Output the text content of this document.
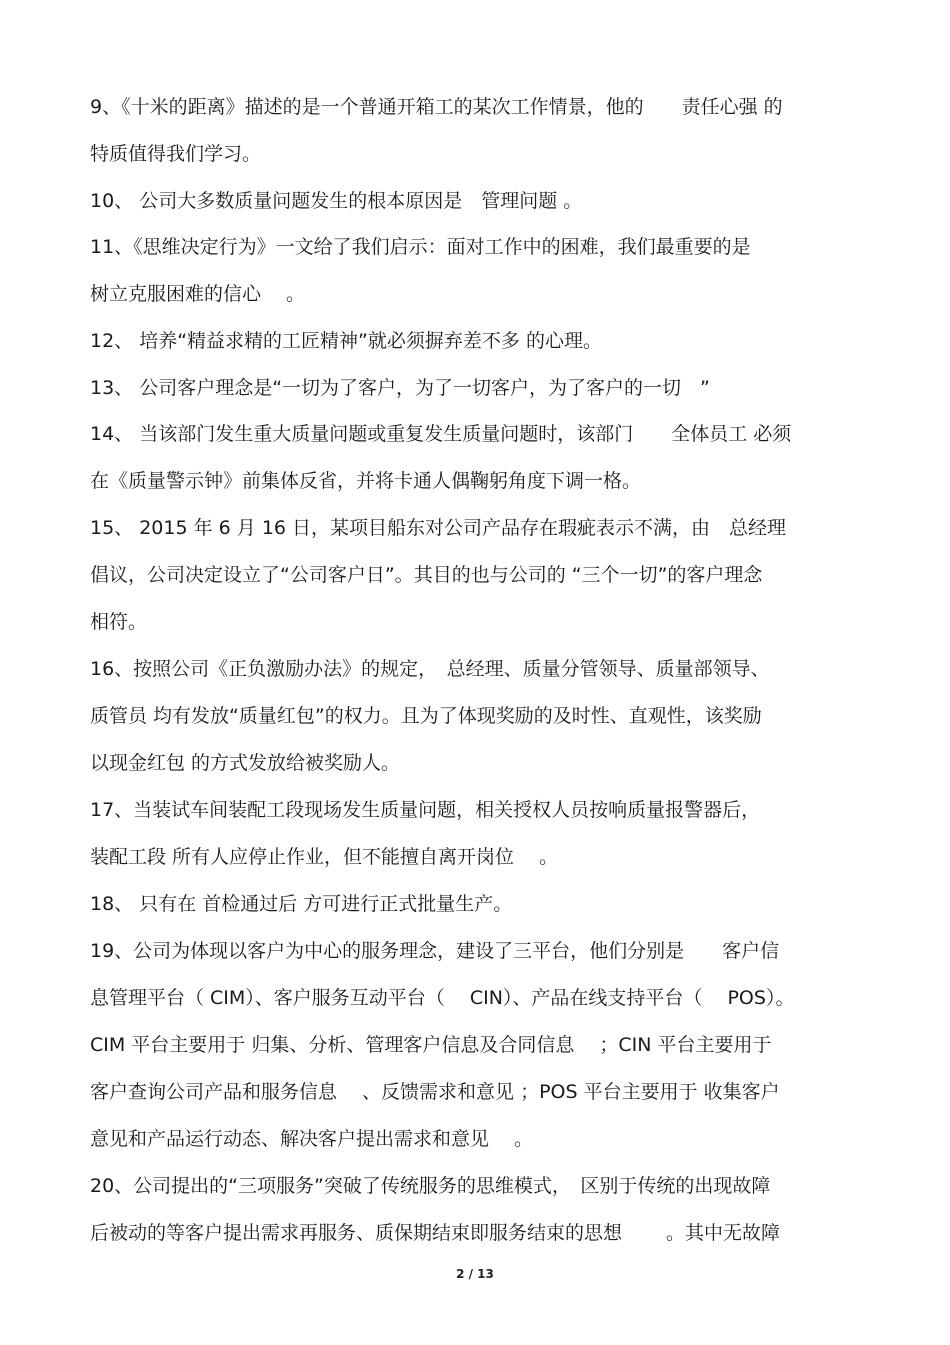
9、《十米的距离》描述的是一个普通开箱工的某次工作情景，他的　　责任心强 的
特质值得我们学习。
10、 公司大多数质量问题发生的根本原因是　管理问题 。
11、《思维决定行为》一文给了我们启示：面对工作中的困难，我们最重要的是
树立克服困难的信心 　。
12、 培养“精益求精的工匠精神”就必须摒弃差不多 的心理。
13、 公司客户理念是“一切为了客户，为了一切客户，为了客户的一切　”
14、 当该部门发生重大质量问题或重复发生质量问题时，该部门　　全体员工 必须
在《质量警示钟》前集体反省，并将卡通人偶鞠躬角度下调一格。
15、 2015 年 6 月 16 日，某项目船东对公司产品存在瑕疵表示不满，由　总经理
倡议，公司决定设立了“公司客户日”。其目的也与公司的 “三个一切”的客户理念
相符。
16、按照公司《正负激励办法》的规定，　总经理、质量分管领导、质量部领导、
质管员 均有发放“质量红包”的权力。且为了体现奖励的及时性、直观性，该奖励
以现金红包 的方式发放给被奖励人。
17、当装试车间装配工段现场发生质量问题，相关授权人员按响质量报警器后，
装配工段 所有人应停止作业，但不能擅自离开岗位 　。
18、 只有在 首检通过后 方可进行正式批量生产。
19、公司为体现以客户为中心的服务理念，建设了三平台，他们分别是　　客户信
息管理平台（ CIM）、客户服务互动平台（ 　CIN）、产品在线支持平台（ 　POS）。
CIM 平台主要用于 归集、分析、管理客户信息及合同信息 　；CIN 平台主要用于
客户查询公司产品和服务信息 　、反馈需求和意见 ；POS 平台主要用于 收集客户
意见和产品运行动态、解决客户提出需求和意见 　。
20、公司提出的“三项服务”突破了传统服务的思维模式，　区别于传统的出现故障
后被动的等客户提出需求再服务、质保期结束即服务结束的思想 　　。其中无故障
2 / 13
